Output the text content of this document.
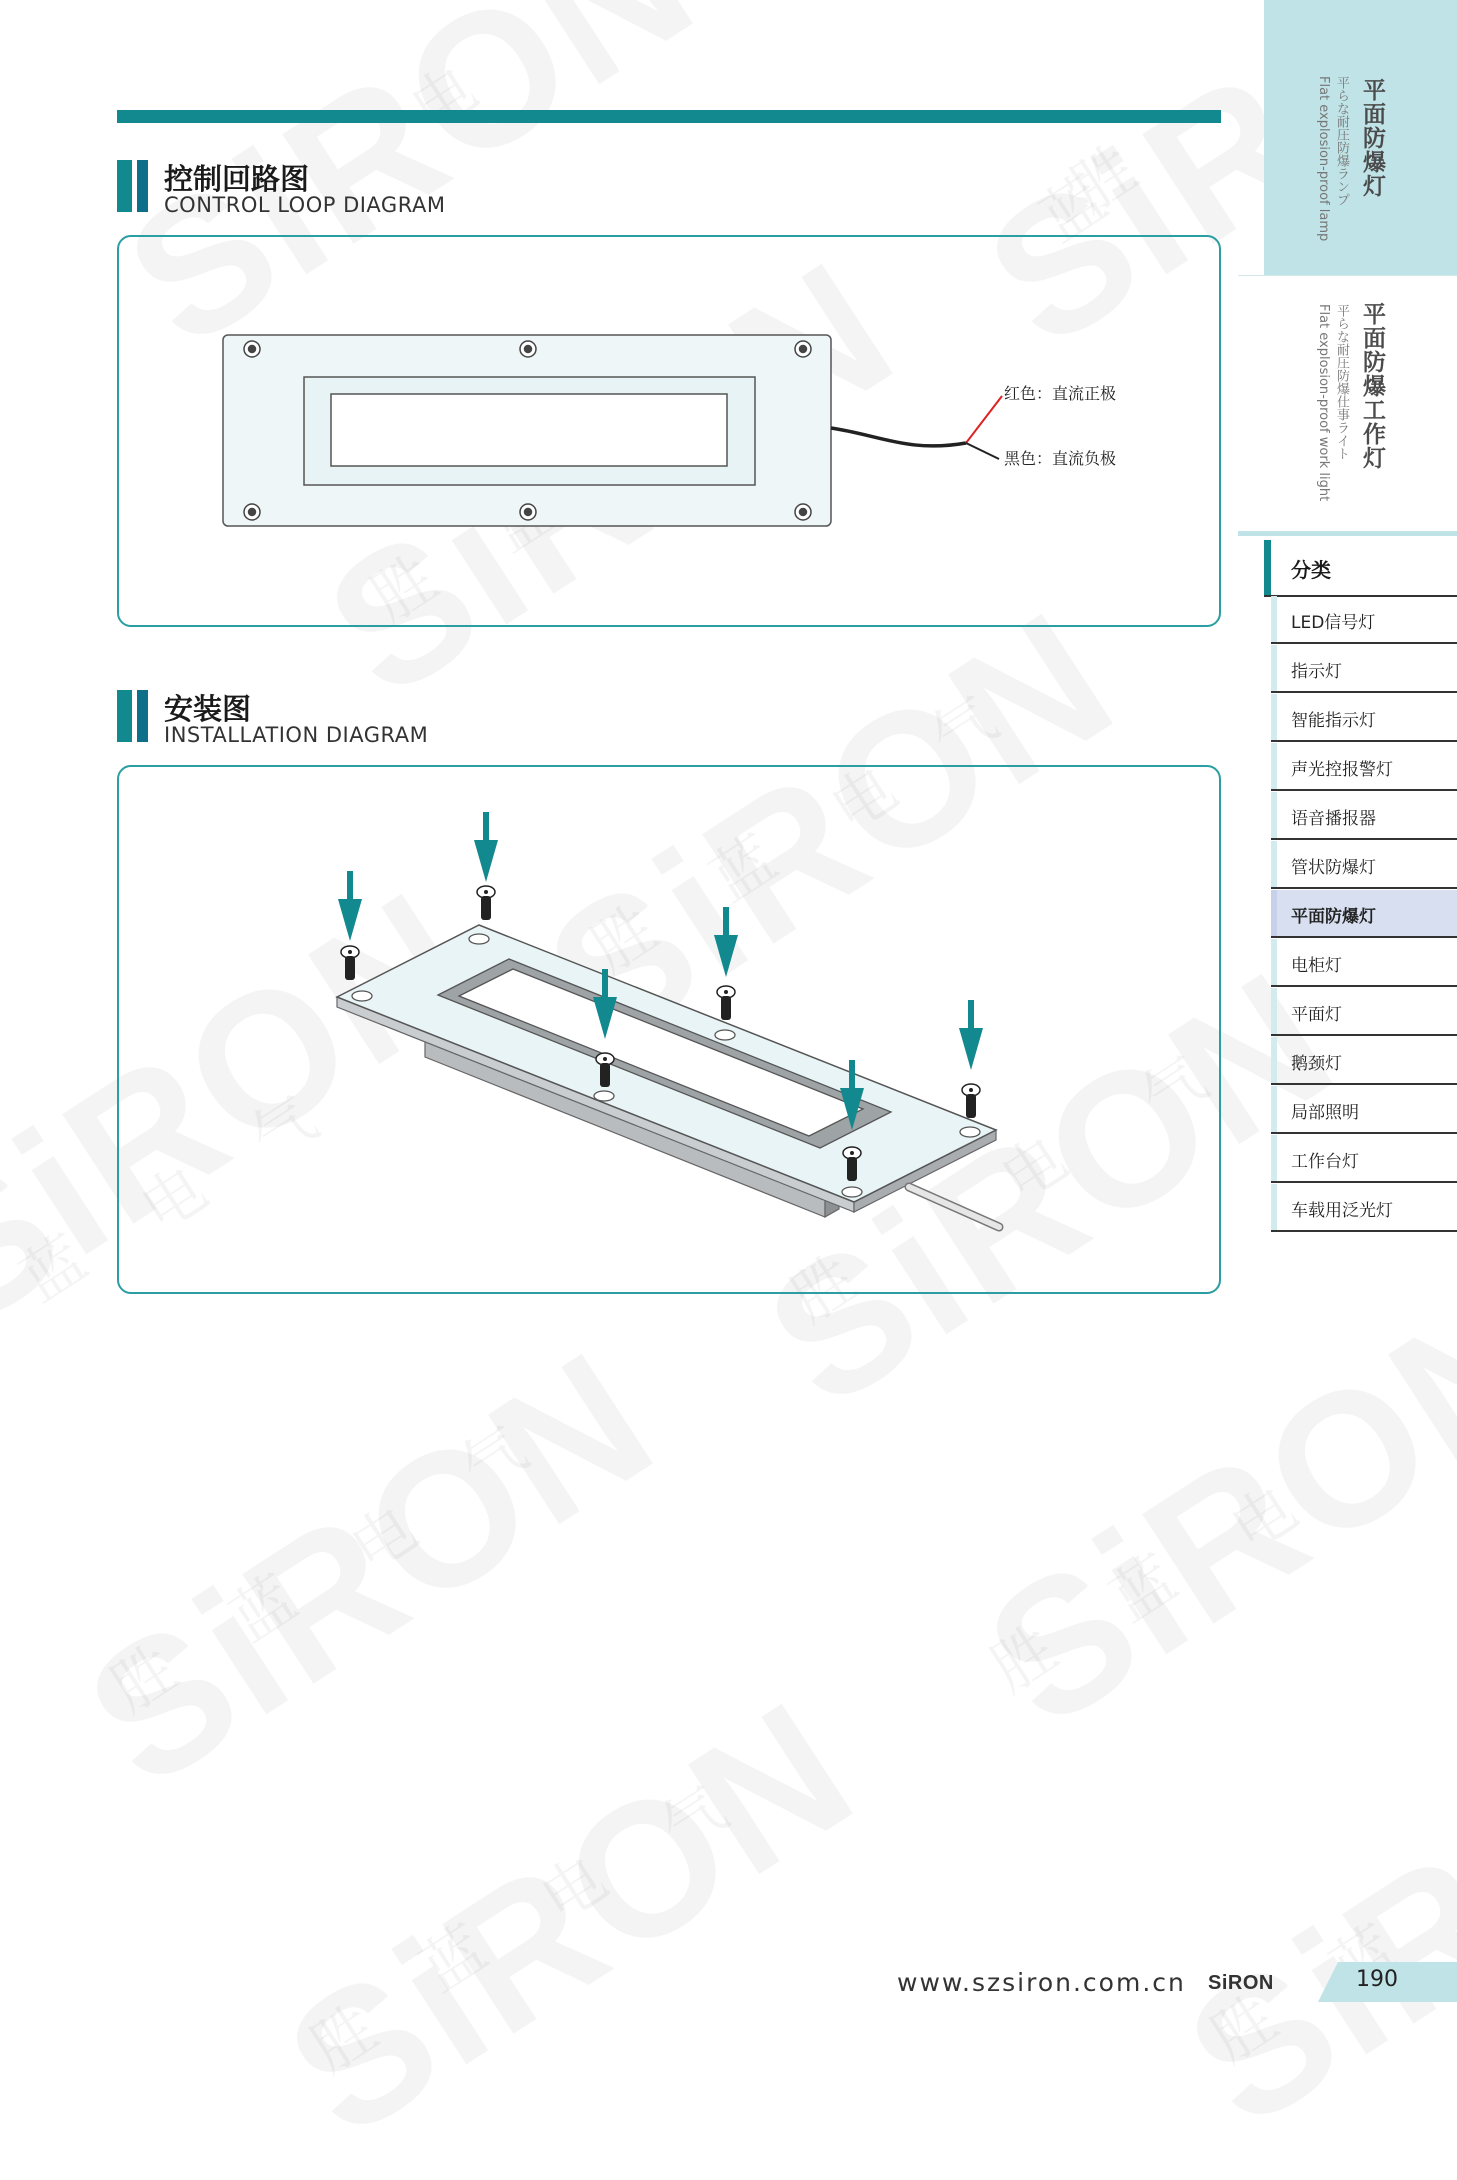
控制回路图
CONTROL LOOP DIAGRAM
红色：直流正极
黑色：直流负极
安装图
INSTALLATION DIAGRAM
平面防爆灯
平らな耐圧防爆ランプ
Flat explosion-proof lamp
平面防爆工作灯
平らな耐圧防爆仕事ライト
Flat explosion-proof work light
分类
LED信号灯
指示灯
智能指示灯
声光控报警灯
语音播报器
管状防爆灯
平面防爆灯
电柜灯
平面灯
鹅颈灯
局部照明
工作台灯
车载用泛光灯
www.szsiron.com.cn SiRON	190
